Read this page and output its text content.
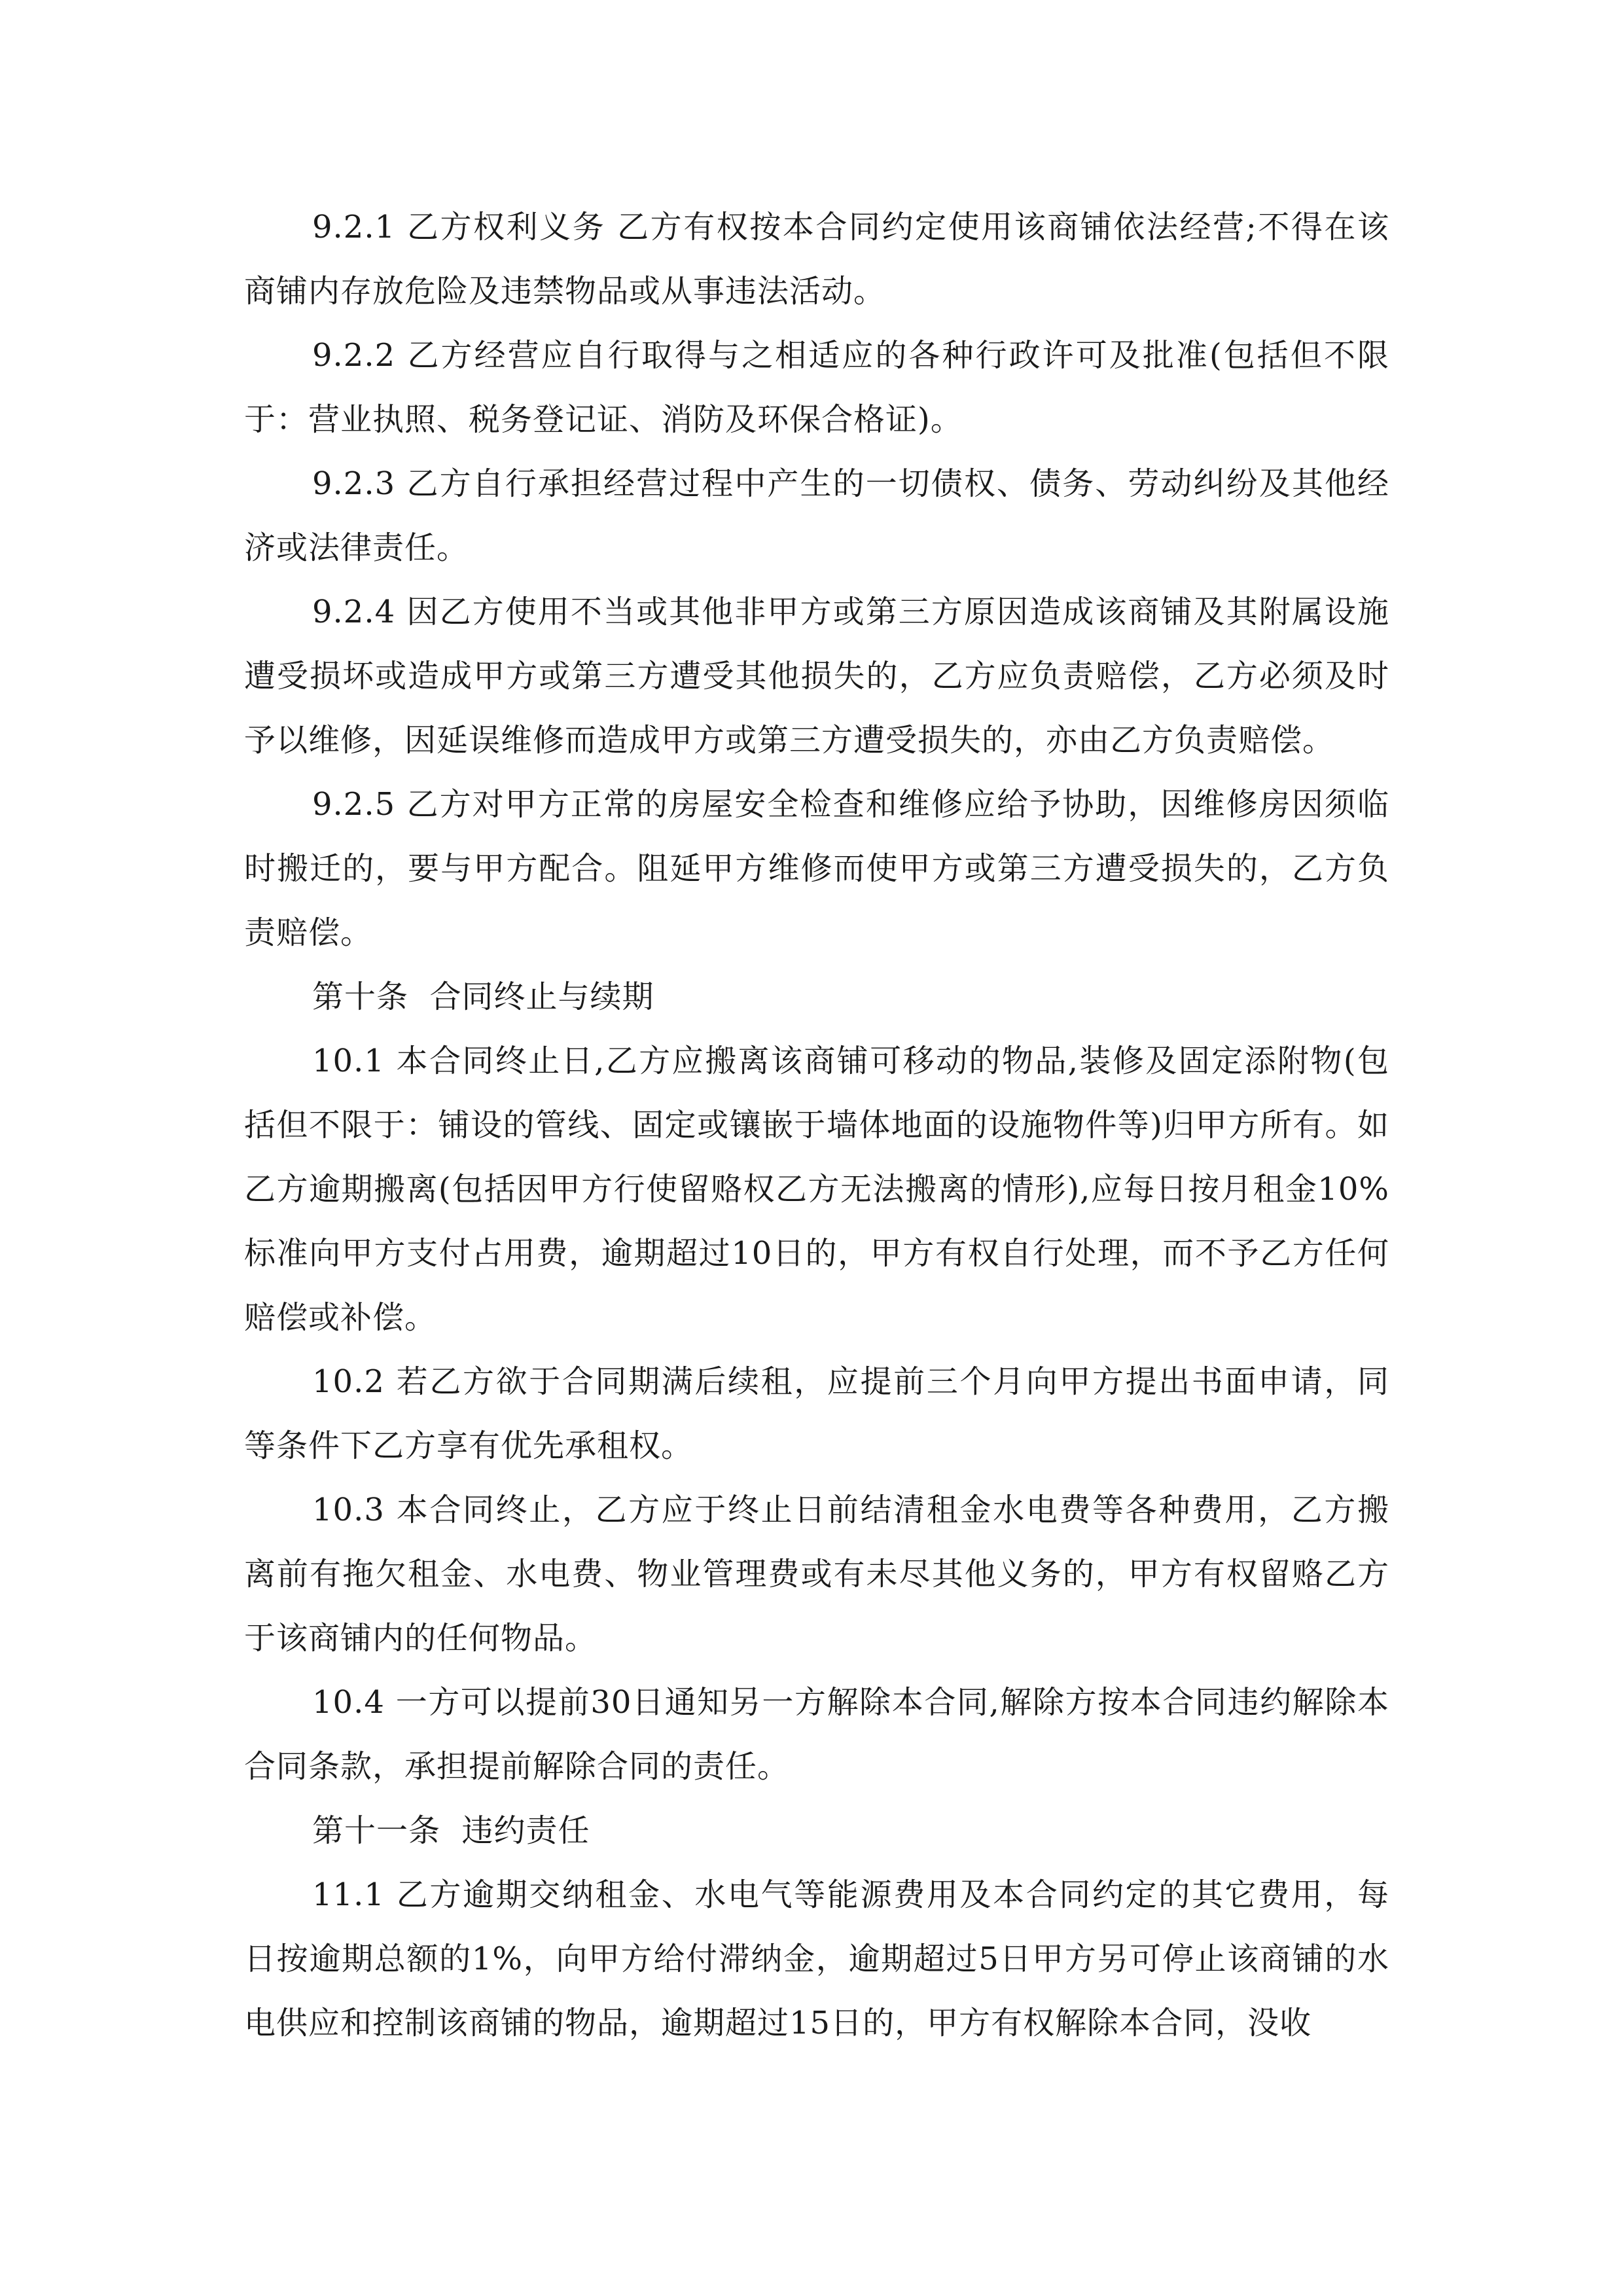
9.2.1 乙方权利义务 乙方有权按本合同约定使用该商铺依法经营;不得在该商铺内存放危险及违禁物品或从事违法活动。

9.2.2 乙方经营应自行取得与之相适应的各种行政许可及批准(包括但不限于：营业执照、税务登记证、消防及环保合格证)。

9.2.3 乙方自行承担经营过程中产生的一切债权、债务、劳动纠纷及其他经济或法律责任。

9.2.4 因乙方使用不当或其他非甲方或第三方原因造成该商铺及其附属设施遭受损坏或造成甲方或第三方遭受其他损失的，乙方应负责赔偿，乙方必须及时予以维修，因延误维修而造成甲方或第三方遭受损失的，亦由乙方负责赔偿。

9.2.5 乙方对甲方正常的房屋安全检查和维修应给予协助，因维修房因须临时搬迁的，要与甲方配合。阻延甲方维修而使甲方或第三方遭受损失的，乙方负责赔偿。

第十条  合同终止与续期

10.1 本合同终止日,乙方应搬离该商铺可移动的物品,装修及固定添附物(包括但不限于：铺设的管线、固定或镶嵌于墙体地面的设施物件等)归甲方所有。如乙方逾期搬离(包括因甲方行使留赂权乙方无法搬离的情形),应每日按月租金10%标准向甲方支付占用费，逾期超过10日的，甲方有权自行处理，而不予乙方任何赔偿或补偿。

10.2 若乙方欲于合同期满后续租，应提前三个月向甲方提出书面申请，同等条件下乙方享有优先承租权。

10.3 本合同终止，乙方应于终止日前结清租金水电费等各种费用，乙方搬离前有拖欠租金、水电费、物业管理费或有未尽其他义务的，甲方有权留赂乙方于该商铺内的任何物品。

10.4 一方可以提前30日通知另一方解除本合同,解除方按本合同违约解除本合同条款，承担提前解除合同的责任。

第十一条  违约责任

11.1 乙方逾期交纳租金、水电气等能源费用及本合同约定的其它费用，每日按逾期总额的1%，向甲方给付滞纳金，逾期超过5日甲方另可停止该商铺的水电供应和控制该商铺的物品，逾期超过15日的，甲方有权解除本合同，没收
